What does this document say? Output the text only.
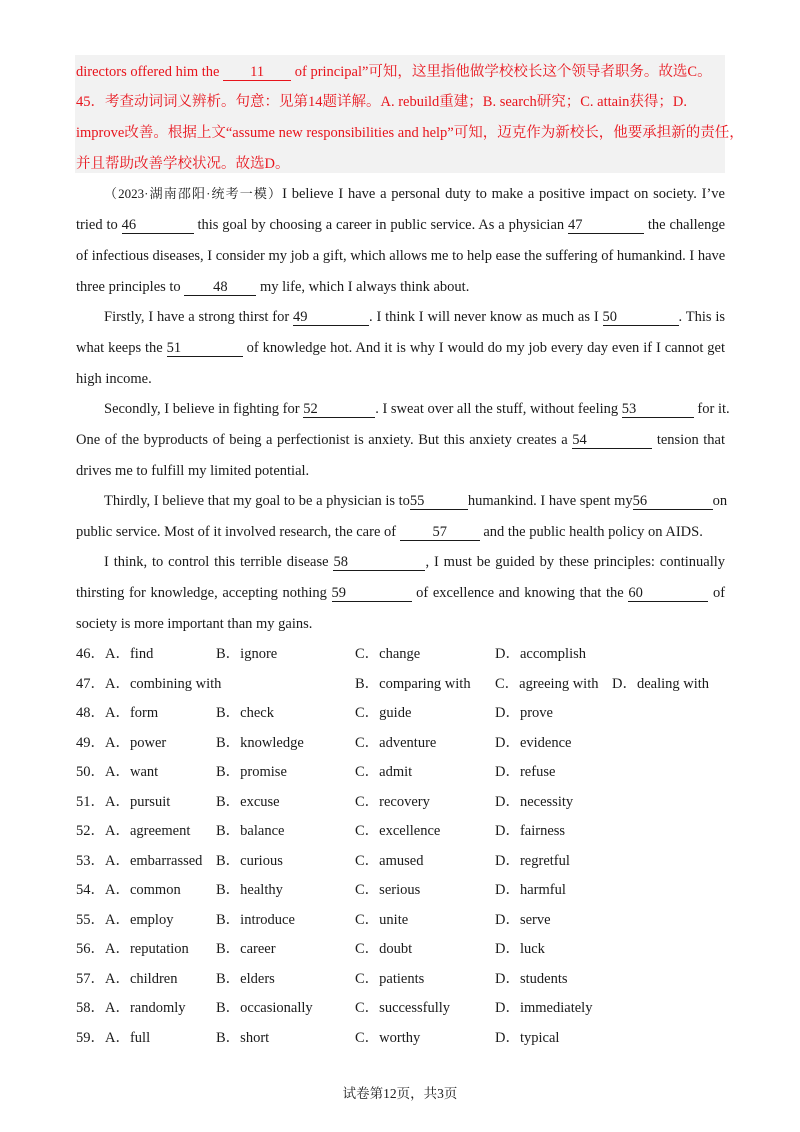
directors offered him the 11 of principal”可知，这里指他做学校校长这个领导者职务。故选C。
45．考查动词词义辨析。句意：见第14题详解。A. rebuild重建；B. search研究；C. attain获得；D.
improve改善。根据上文“assume new responsibilities and help”可知，迈克作为新校长，他要承担新的责任，
并且帮助改善学校状况。故选D。
（2023·湖南邵阳·统考一模）I believe I have a personal duty to make a positive impact on society. I’ve
tried to 46	this goal by choosing a career in public service. As a physician 47	the challenge
of infectious diseases, I consider my job a gift, which allows me to help ease the suffering of humankind. I have
three principles to 48 my life, which I always think about.
Firstly, I have a strong thirst for 49	. I think I will never know as much as I 50	. This is
what keeps the 51	of knowledge hot. And it is why I would do my job every day even if I cannot get
high income.
Secondly, I believe in fighting for 52	. I sweat over all the stuff, without feeling 53	for it.
One of the byproducts of being a perfectionist is anxiety. But this anxiety creates a 54	tension that
drives me to fulfill my limited potential.
Thirdly, I believe that my goal to be a physician is to55	humankind. I have spent my56	on
public service. Most of it involved research, the care of	57	and the public health policy on AIDS.
I think, to control this terrible disease 58	, I must be guided by these principles: continually
thirsting for knowledge, accepting nothing 59	of excellence and knowing that the 60	of
society is more important than my gains.
46． A．find	B．ignore	C．change	D．accomplish
47． A．combining with	B．comparing with C．agreeing with D．dealing with
48． A．form	B．check	C．guide	D．prove
49． A．power	B．knowledge	C．adventure	D．evidence
50． A．want	B．promise	C．admit	D．refuse
51． A．pursuit	B．excuse	C．recovery	D．necessity
52． A．agreement B．balance	C．excellence	D．fairness
53． A．embarrassed B．curious	C．amused	D．regretful
54． A．common B．healthy	C．serious	D．harmful
55． A．employ	B．introduce	C．unite	D．serve
56． A．reputation B．career	C．doubt	D．luck
57． A．children	B．elders	C．patients	D．students
58． A．randomly B．occasionally	C．successfully	D．immediately
59． A．full	B．short	C．worthy	D．typical
试卷第12页，共3页
